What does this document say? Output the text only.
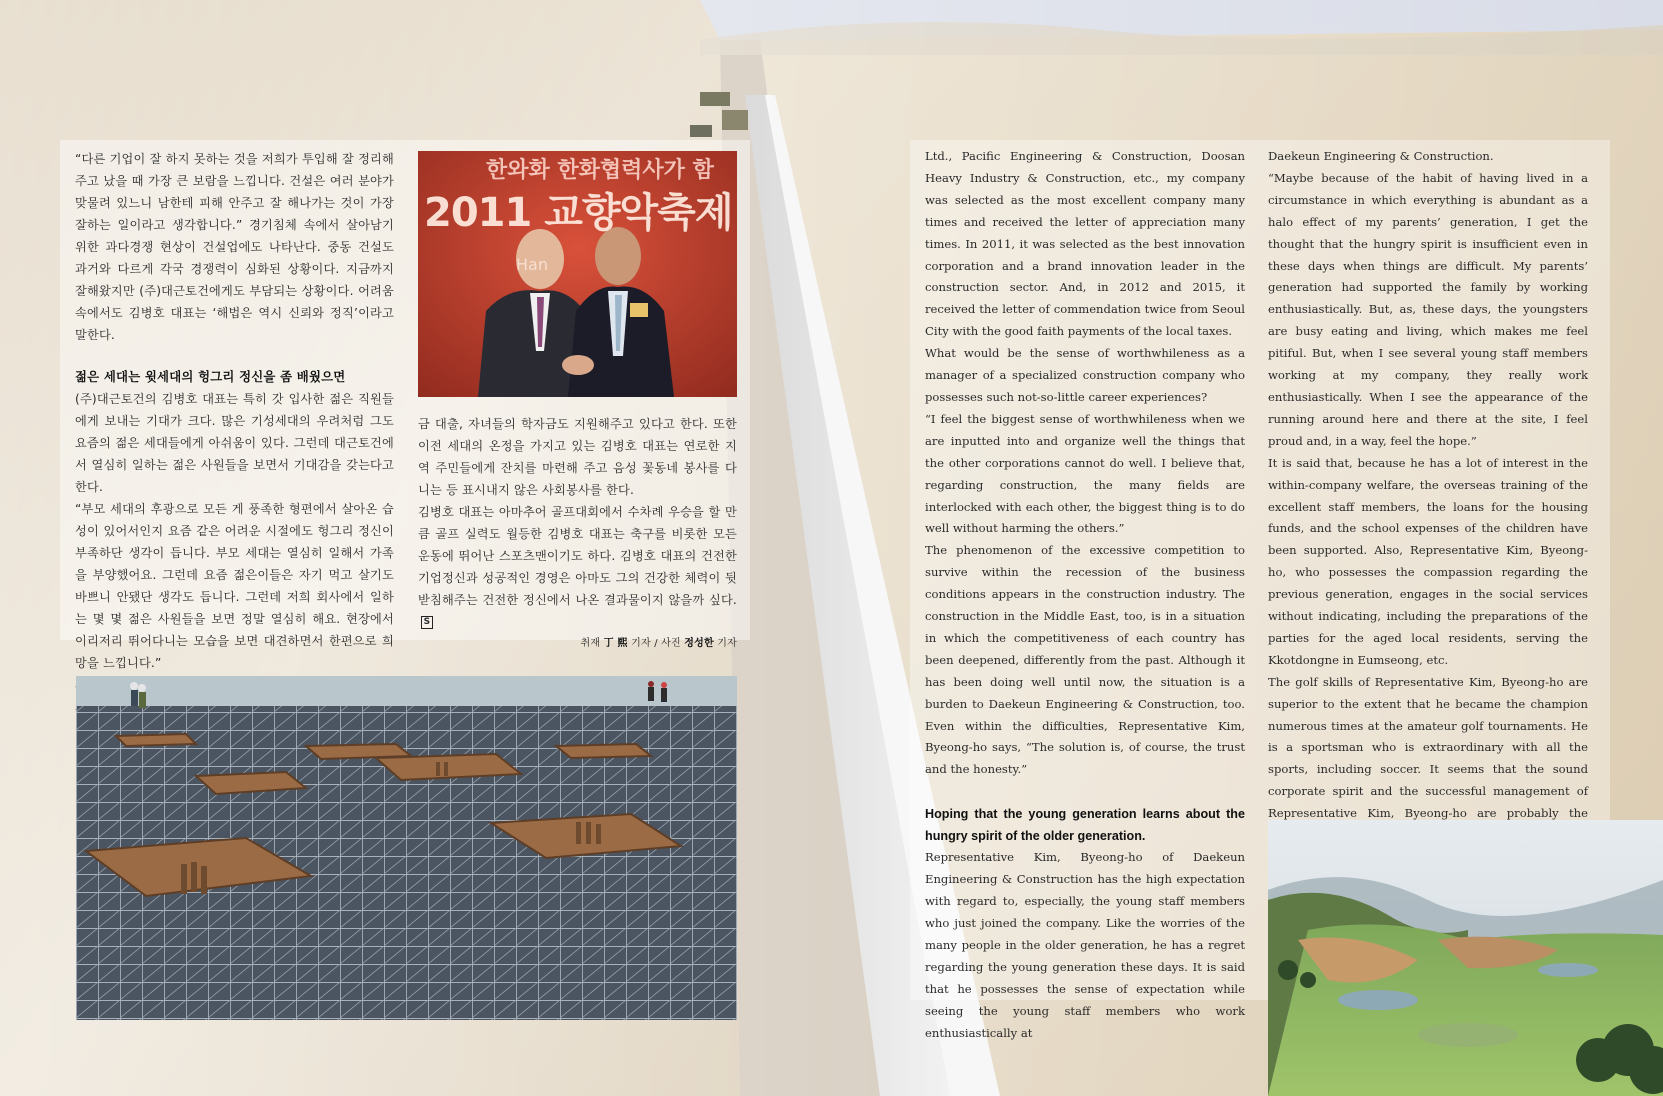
“다른 기업이 잘 하지 못하는 것을 저희가 투입해 잘 정리해주고 났을 때 가장 큰 보람을 느낍니다. 건설은 여러 분야가 맞물려 있느니 남한테 피해 안주고 잘 해나가는 것이 가장 잘하는 일이라고 생각합니다.” 경기침체 속에서 살아남기 위한 과다경쟁 현상이 건설업에도 나타난다. 중동 건설도 과거와 다르게 각국 경쟁력이 심화된 상황이다. 지금까지 잘해왔지만 (주)대근토건에게도 부담되는 상황이다. 어려움 속에서도 김병호 대표는 ‘해법은 역시 신뢰와 정직’이라고 말한다.

젊은 세대는 윗세대의 헝그리 정신을 좀 배웠으면

(주)대근토건의 김병호 대표는 특히 갓 입사한 젊은 직원들에게 보내는 기대가 크다. 많은 기성세대의 우려처럼 그도 요즘의 젊은 세대들에게 아쉬움이 있다. 그런데 대근토건에서 열심히 일하는 젊은 사원들을 보면서 기대감을 갖는다고 한다.

“부모 세대의 후광으로 모든 게 풍족한 형편에서 살아온 습성이 있어서인지 요즘 같은 어려운 시절에도 헝그리 정신이 부족하단 생각이 듭니다. 부모 세대는 열심히 일해서 가족을 부양했어요. 그런데 요즘 젊은이들은 자기 먹고 살기도 바쁘니 안됐단 생각도 듭니다. 그런데 저희 회사에서 일하는 몇 몇 젊은 사원들을 보면 정말 열심히 해요. 현장에서 이리저리 뛰어다니는 모습을 보면 대견하면서 한편으로 희망을 느낍니다.”

한와화 한화협력사가 함
2011 교향악축제
Han

금 대출, 자녀들의 학자금도 지원해주고 있다고 한다. 또한 이전 세대의 온정을 가지고 있는 김병호 대표는 연로한 지역 주민들에게 잔치를 마련해 주고 음성 꽃동네 봉사를 다니는 등 표시내지 않은 사회봉사를 한다.

김병호 대표는 아마추어 골프대회에서 수차례 우승을 할 만큼 골프 실력도 월등한 김병호 대표는 축구를 비롯한 모든 운동에 뛰어난 스포츠맨이기도 하다. 김병호 대표의 건전한 기업정신과 성공적인 경영은 아마도 그의 건강한 체력이 뒷받침해주는 건전한 정신에서 나온 결과물이지 않을까 싶다.S

취재 丁 熙 기자 / 사진 정성한 기자

Ltd., Pacific Engineering & Construction, Doosan Heavy Industry & Construction, etc., my company was selected as the most excellent company many times and received the letter of appreciation many times. In 2011, it was selected as the best innovation corporation and a brand innovation leader in the construction sector. And, in 2012 and 2015, it received the letter of commendation twice from Seoul City with the good faith payments of the local taxes.

What would be the sense of worthwhileness as a manager of a specialized construction company who possesses such not-so-little career experiences?

“I feel the biggest sense of worthwhileness when we are inputted into and organize well the things that the other corporations cannot do well. I believe that, regarding construction, the many fields are interlocked with each other, the biggest thing is to do well without harming the others.”

The phenomenon of the excessive competition to survive within the recession of the business conditions appears in the construction industry. The construction in the Middle East, too, is in a situation in which the competitiveness of each country has been deepened, differently from the past. Although it has been doing well until now, the situation is a burden to Daekeun Engineering & Construction, too. Even within the difficulties, Representative Kim, Byeong-ho says, “The solution is, of course, the trust and the honesty.”

Hoping that the young generation learns about the hungry spirit of the older generation.

Representative Kim, Byeong-ho of Daekeun Engineering & Construction has the high expectation with regard to, especially, the young staff members who just joined the company. Like the worries of the many people in the older generation, he has a regret regarding the young generation these days. It is said that he possesses the sense of expectation while seeing the young staff members who work enthusiastically at

Daekeun Engineering & Construction.

“Maybe because of the habit of having lived in a circumstance in which everything is abundant as a halo effect of my parents’ generation, I get the thought that the hungry spirit is insufficient even in these days when things are difficult. My parents’ generation had supported the family by working enthusiastically. But, as, these days, the youngsters are busy eating and living, which makes me feel pitiful. But, when I see several young staff members working at my company, they really work enthusiastically. When I see the appearance of the running around here and there at the site, I feel proud and, in a way, feel the hope.”

It is said that, because he has a lot of interest in the within-company welfare, the overseas training of the excellent staff members, the loans for the housing funds, and the school expenses of the children have been supported. Also, Representative Kim, Byeong-ho, who possesses the compassion regarding the previous generation, engages in the social services without indicating, including the preparations of the parties for the aged local residents, serving the Kkotdongne in Eumseong, etc.

The golf skills of Representative Kim, Byeong-ho are superior to the extent that he became the champion numerous times at the amateur golf tournaments. He is a sportsman who is extraordinary with all the sports, including soccer. It seems that the sound corporate spirit and the successful management of Representative Kim, Byeong-ho are probably the
